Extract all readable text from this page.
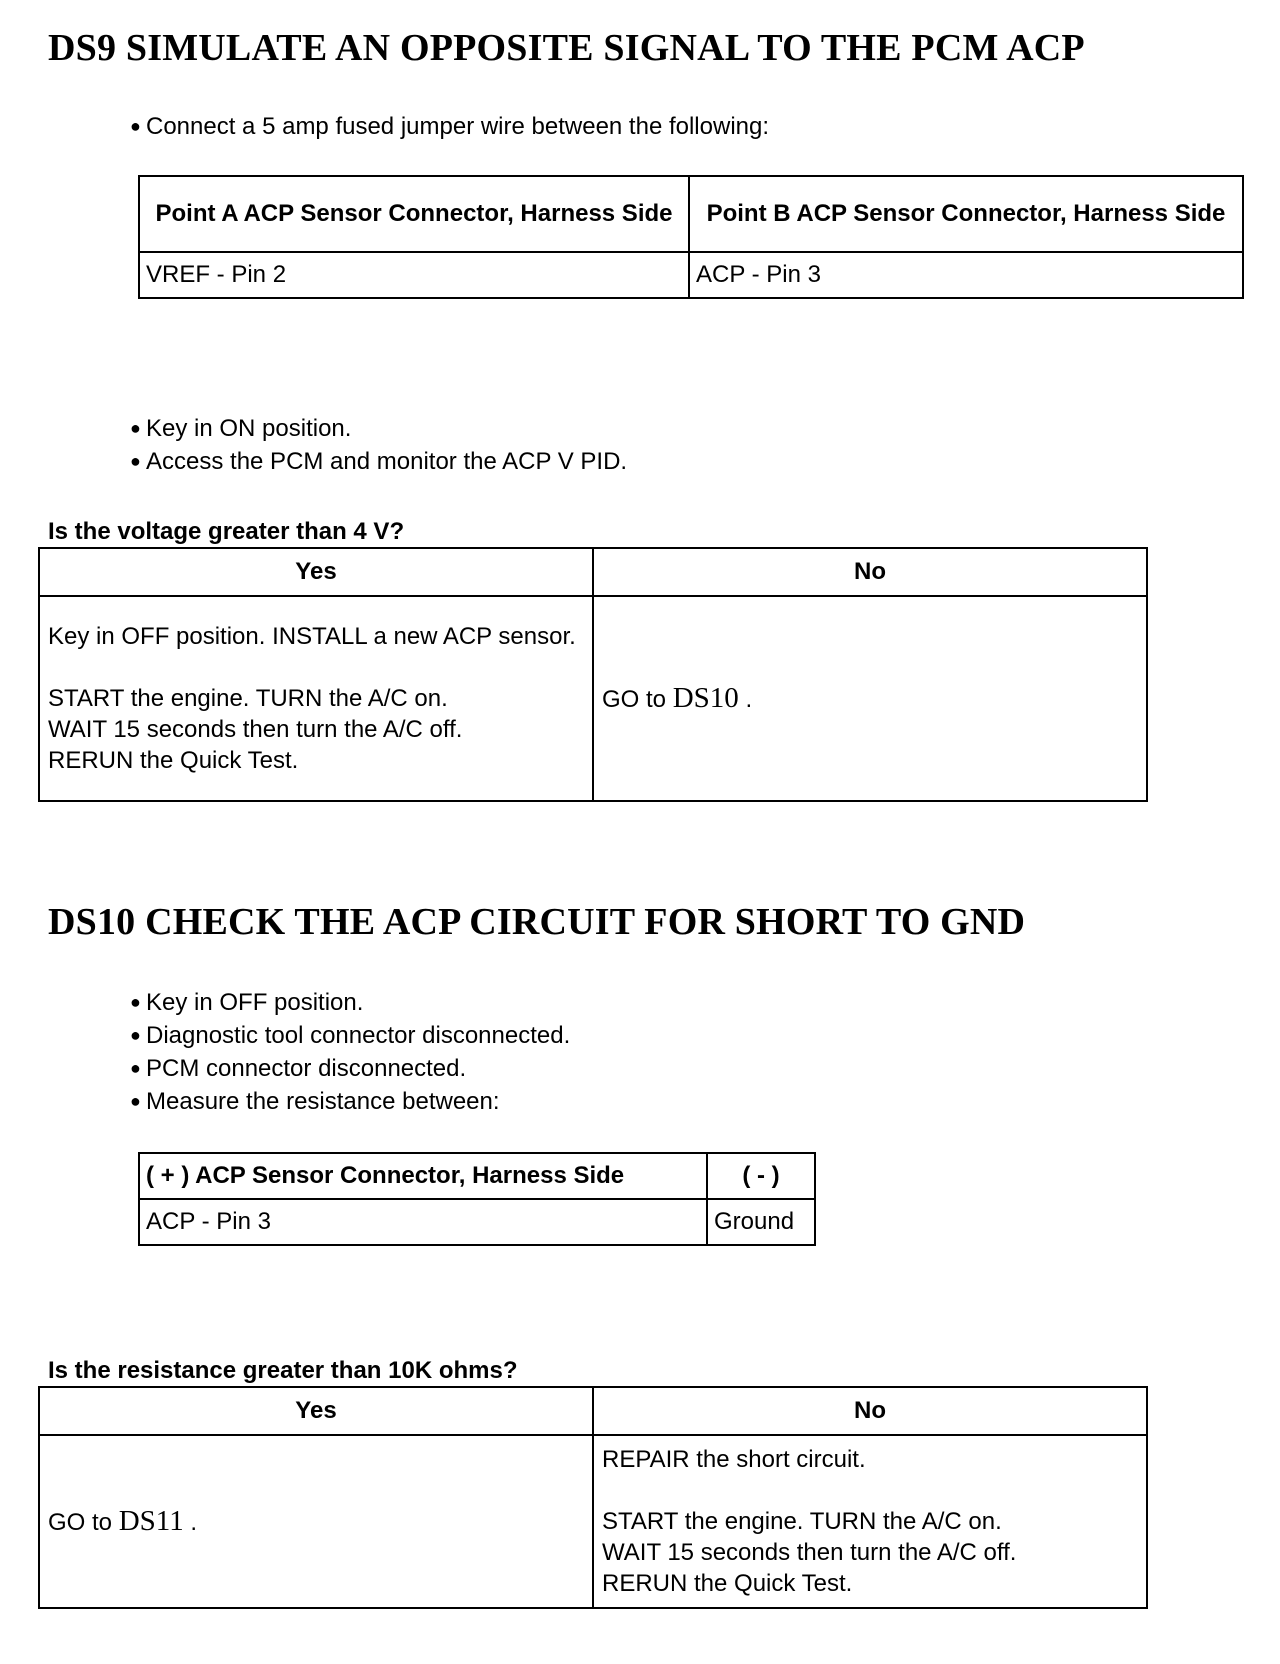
DS9 SIMULATE AN OPPOSITE SIGNAL TO THE PCM ACP
● Connect a 5 amp fused jumper wire between the following:
Point A ACP Sensor Connector, Harness Side	Point B ACP Sensor Connector, Harness Side
VREF - Pin 2	ACP - Pin 3
● Key in ON position.
● Access the PCM and monitor the ACP V PID.

Is the voltage greater than 4 V?

Yes	No
Key in OFF position. INSTALL a new ACP sensor.
START the engine. TURN the A/C on.
WAIT 15 seconds then turn the A/C off.
RERUN the Quick Test.	GO to DS10 .
DS10 CHECK THE ACP CIRCUIT FOR SHORT TO GND
● Key in OFF position.
● Diagnostic tool connector disconnected.
● PCM connector disconnected.
● Measure the resistance between:
( + ) ACP Sensor Connector, Harness Side	( - )
ACP - Pin 3	Ground

Is the resistance greater than 10K ohms?

Yes	No
GO to DS11 .	REPAIR the short circuit.
START the engine. TURN the A/C on.
WAIT 15 seconds then turn the A/C off.
RERUN the Quick Test.
